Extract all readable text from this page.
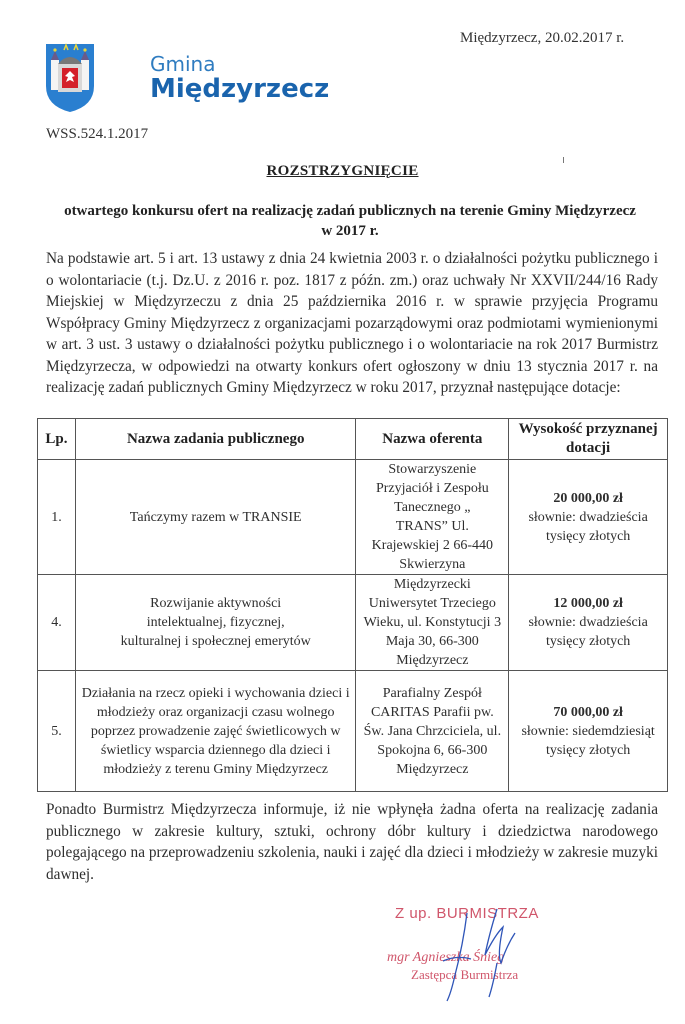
Międzyrzecz, 20.02.2017 r.
Gmina
Międzyrzecz
WSS.524.1.2017
ROZSTRZYGNIĘCIE
otwartego konkursu ofert na realizację zadań publicznych na terenie Gminy Międzyrzecz w 2017 r.
Na podstawie art. 5 i art. 13 ustawy z dnia 24 kwietnia 2003 r. o działalności pożytku publicznego i o wolontariacie (t.j. Dz.U. z 2016 r. poz. 1817 z późn. zm.) oraz uchwały Nr XXVII/244/16 Rady Miejskiej w Międzyrzeczu z dnia 25 października 2016 r. w sprawie przyjęcia Programu Współpracy Gminy Międzyrzecz z organizacjami pozarządowymi oraz podmiotami wymienionymi w art. 3 ust. 3 ustawy o działalności pożytku publicznego i o wolontariacie na rok 2017 Burmistrz Międzyrzecza, w odpowiedzi na otwarty konkurs ofert ogłoszony w dniu 13 stycznia 2017 r. na realizację zadań publicznych Gminy Międzyrzecz w roku 2017, przyznał następujące dotacje:
Lp.	Nazwa zadania publicznego	Nazwa oferenta	Wysokość przyznanej dotacji
1.	Tańczymy razem w TRANSIE	Stowarzyszenie Przyjaciół i Zespołu Tanecznego „ TRANS” Ul. Krajewskiej 2 66-440 Skwierzyna	20 000,00 zł
słownie: dwadzieścia tysięcy złotych
4.	Rozwijanie aktywności intelektualnej, fizycznej, kulturalnej i społecznej emerytów	Międzyrzecki Uniwersytet Trzeciego Wieku, ul. Konstytucji 3 Maja 30, 66-300 Międzyrzecz	12 000,00 zł
słownie: dwadzieścia tysięcy złotych

5.	Działania na rzecz opieki i wychowania dzieci i młodzieży oraz organizacji czasu wolnego poprzez prowadzenie zajęć świetlicowych w świetlicy wsparcia dziennego dla dzieci i młodzieży z terenu Gminy Międzyrzecz	Parafialny Zespół CARITAS Parafii pw. Św. Jana Chrzciciela, ul. Spokojna 6, 66-300 Międzyrzecz	70 000,00 zł
słownie: siedemdziesiąt tysięcy złotych
Ponadto Burmistrz Międzyrzecza informuje, iż nie wpłynęła żadna oferta na realizację zadania publicznego w zakresie kultury, sztuki, ochrony dóbr kultury i dziedzictwa narodowego polegającego na przeprowadzeniu szkolenia, nauki i zajęć dla dzieci i młodzieży w zakresie muzyki dawnej.
Z up. BURMISTRZA
mgr Agnieszka Śnieg
Zastępca Burmistrza
